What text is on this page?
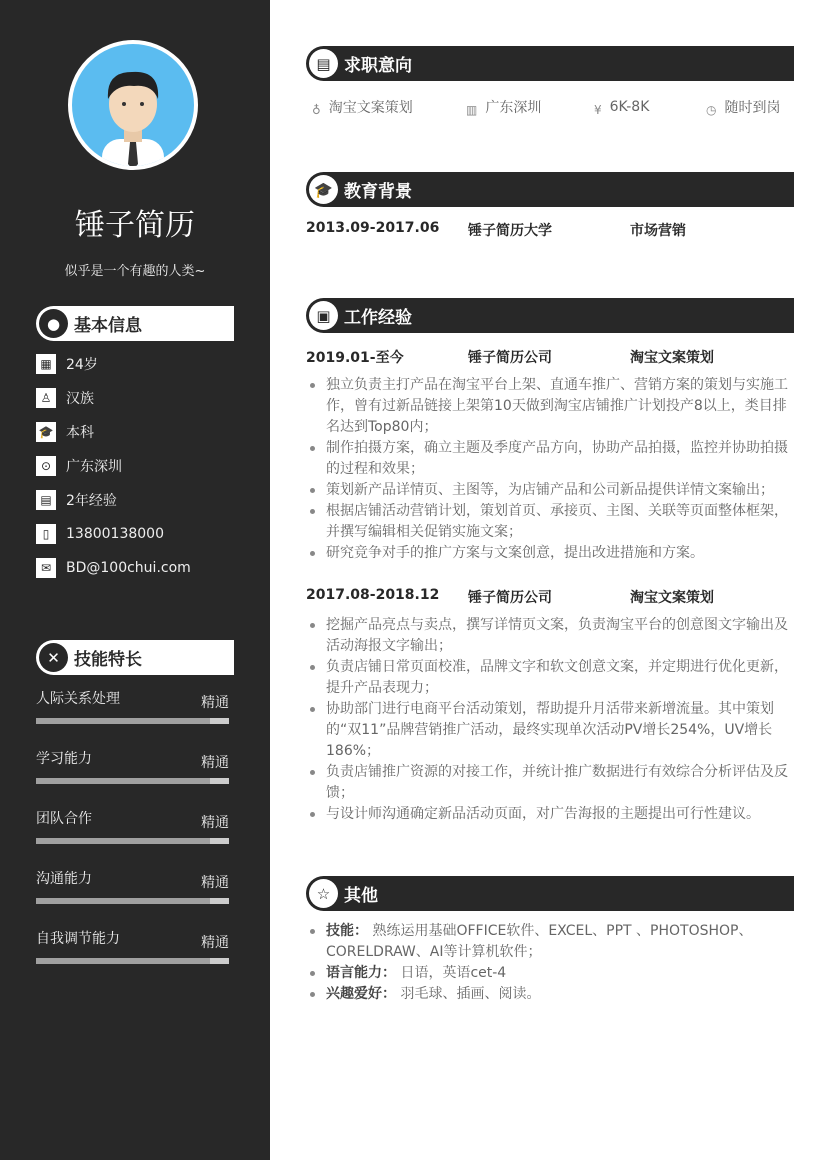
锤子简历
似乎是一个有趣的人类~
● 基本信息
✕ 技能特长
▦	24岁
♙	汉族
🎓 本科
⊙	广东深圳
▤	2年经验
▯	13800138000
✉	BD@100chui.com
人际关系处理	精通
学习能力	精通
团队合作	精通
沟通能力	精通
自我调节能力	精通
▤ 求职意向
🎓 教育背景
2013.09-2017.06 锤子简历大学	市场营销
▣ 工作经验
☆ 其他
技能： 熟练运用基础OFFICE软件、EXCEL、PPT 、PHOTOSHOP、CORELDRAW、AI等计算机软件；
语言能力： 日语，英语cet-4
兴趣爱好： 羽毛球、插画、阅读。
♁ 淘宝文案策划	▥ 广东深圳	¥ 6K-8K	◷ 随时到岗
2019.01-至今	锤子简历公司	淘宝文案策划
独立负责主打产品在淘宝平台上架、直通车推广、营销方案的策划与实施工作，曾有过新品链接上架第10天做到淘宝店铺推广计划投产8以上，类目排名达到Top80内；
制作拍摄方案，确立主题及季度产品方向，协助产品拍摄，监控并协助拍摄的过程和效果；
策划新产品详情页、主图等，为店铺产品和公司新品提供详情文案输出；
根据店铺活动营销计划，策划首页、承接页、主图、关联等页面整体框架，并撰写编辑相关促销实施文案；
研究竞争对手的推广方案与文案创意，提出改进措施和方案。
2017.08-2018.12 锤子简历公司	淘宝文案策划
挖掘产品亮点与卖点，撰写详情页文案，负责淘宝平台的创意图文字输出及活动海报文字输出；
负责店铺日常页面校准，品牌文字和软文创意文案，并定期进行优化更新，提升产品表现力；
协助部门进行电商平台活动策划，帮助提升月活带来新增流量。其中策划的“双11”品牌营销推广活动，最终实现单次活动PV增长254%，UV增长186%；
负责店铺推广资源的对接工作，并统计推广数据进行有效综合分析评估及反馈；
与设计师沟通确定新品活动页面，对广告海报的主题提出可行性建议。
